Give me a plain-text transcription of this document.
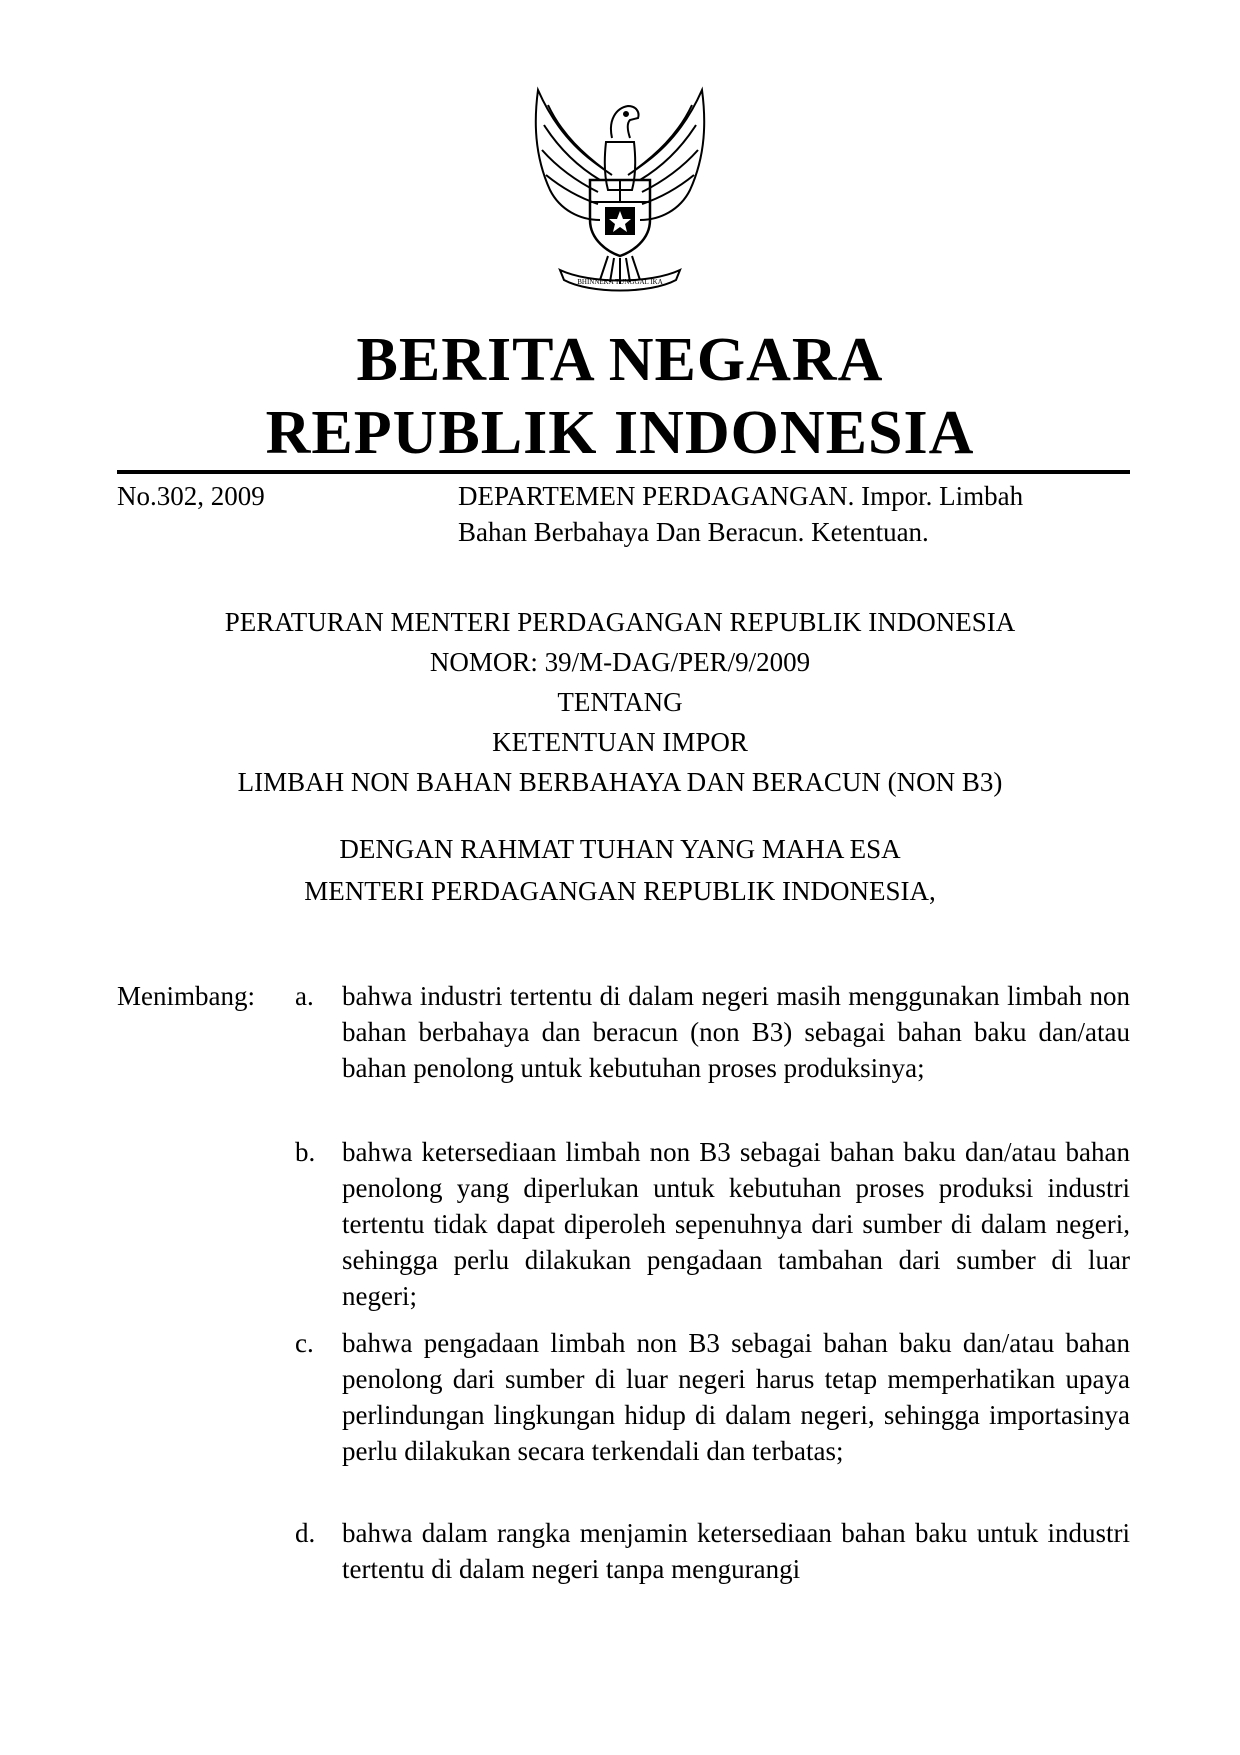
BHINNEKA TUNGGAL IKA
BERITA NEGARA
REPUBLIK INDONESIA
No.302, 2009	DEPARTEMEN PERDAGANGAN. Impor. Limbah
Bahan Berbahaya Dan Beracun. Ketentuan.
PERATURAN MENTERI PERDAGANGAN REPUBLIK INDONESIA
NOMOR: 39/M-DAG/PER/9/2009
TENTANG
KETENTUAN IMPOR
LIMBAH NON BAHAN BERBAHAYA DAN BERACUN (NON B3)
DENGAN RAHMAT TUHAN YANG MAHA ESA
MENTERI PERDAGANGAN REPUBLIK INDONESIA,
Menimbang: a.	bahwa industri tertentu di dalam negeri masih menggunakan limbah non bahan berbahaya dan beracun (non B3) sebagai bahan baku dan/atau bahan penolong untuk kebutuhan proses produksinya;
b. bahwa ketersediaan limbah non B3 sebagai bahan baku dan/atau bahan penolong yang diperlukan untuk kebutuhan proses produksi industri tertentu tidak dapat diperoleh sepenuhnya dari sumber di dalam negeri, sehingga perlu dilakukan pengadaan tambahan dari sumber di luar negeri;
c.	bahwa pengadaan limbah non B3 sebagai bahan baku dan/atau bahan penolong dari sumber di luar negeri harus tetap memperhatikan upaya perlindungan lingkungan hidup di dalam negeri, sehingga importasinya perlu dilakukan secara terkendali dan terbatas;
d. bahwa dalam rangka menjamin ketersediaan bahan baku untuk industri tertentu di dalam negeri tanpa mengurangi
